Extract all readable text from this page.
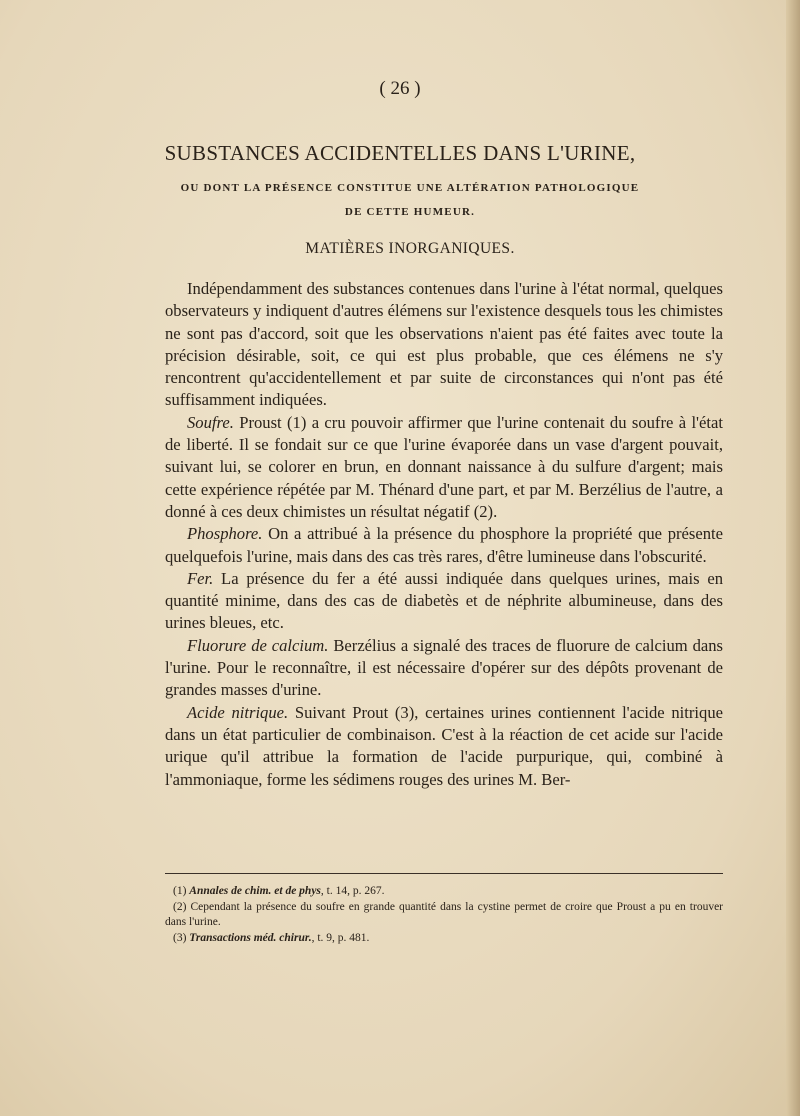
( 26 )
SUBSTANCES ACCIDENTELLES DANS L'URINE,
OU DONT LA PRÉSENCE CONSTITUE UNE ALTÉRATION PATHOLOGIQUE
DE CETTE HUMEUR.
MATIÈRES INORGANIQUES.

Indépendamment des substances contenues dans l'urine à l'état normal, quelques observateurs y indiquent d'autres élémens sur l'existence desquels tous les chimistes ne sont pas d'accord, soit que les observations n'aient pas été faites avec toute la précision désirable, soit, ce qui est plus probable, que ces élémens ne s'y rencontrent qu'accidentellement et par suite de circonstances qui n'ont pas été suffisamment indiquées.

Soufre. Proust (1) a cru pouvoir affirmer que l'urine contenait du soufre à l'état de liberté. Il se fondait sur ce que l'urine évaporée dans un vase d'argent pouvait, suivant lui, se colorer en brun, en donnant naissance à du sulfure d'argent; mais cette expérience répétée par M. Thénard d'une part, et par M. Berzélius de l'autre, a donné à ces deux chimistes un résultat négatif (2).

Phosphore. On a attribué à la présence du phosphore la propriété que présente quelquefois l'urine, mais dans des cas très rares, d'être lumineuse dans l'obscurité.

Fer. La présence du fer a été aussi indiquée dans quelques urines, mais en quantité minime, dans des cas de diabetès et de néphrite albumineuse, dans des urines bleues, etc.

Fluorure de calcium. Berzélius a signalé des traces de fluorure de calcium dans l'urine. Pour le reconnaître, il est nécessaire d'opérer sur des dépôts provenant de grandes masses d'urine.

Acide nitrique. Suivant Prout (3), certaines urines contiennent l'acide nitrique dans un état particulier de combinaison. C'est à la réaction de cet acide sur l'acide urique qu'il attribue la formation de l'acide purpurique, qui, combiné à l'ammoniaque, forme les sédimens rouges des urines M. Ber-

(1) Annales de chim. et de phys, t. 14, p. 267.

(2) Cependant la présence du soufre en grande quantité dans la cystine permet de croire que Proust a pu en trouver dans l'urine.

(3) Transactions méd. chirur., t. 9, p. 481.
